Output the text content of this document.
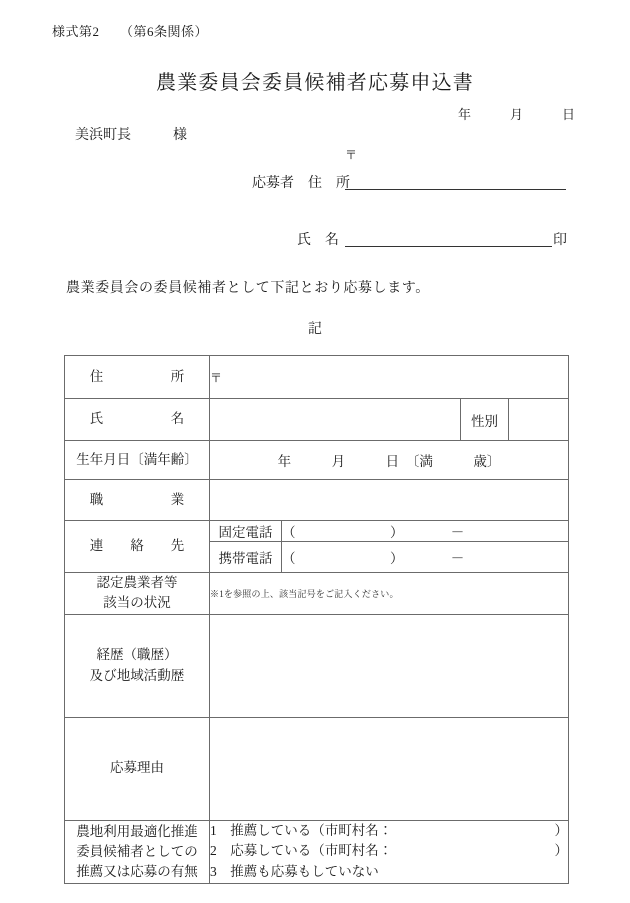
様式第2　　（第6条関係）
農業委員会委員候補者応募申込書
年　　　月　　　日
美浜町長　　　様
〒
応募者　住　所
氏　名	印
農業委員会の委員候補者として下記とおり応募します。
記
住　　　所	〒			

氏　　　名			性別	
生年月日〔満年齢〕	年　　　月　　　日　〔満　　　歳〕			

職　　　業				
連　絡　先	固定電話	（　　　　　　　）　　　　－		
	携帯電話	（　　　　　　　）　　　　－		

認定農業者等
該当の状況	※1を参照の上、該当記号をご記入ください。			

経歴（職歴）
及び地域活動歴				

応募理由				

農地利用最適化推進
委員候補者としての
推薦又は応募の有無

1　推薦している（市町村名：	）
2　応募している（市町村名：	）
3　推薦も応募もしていない
